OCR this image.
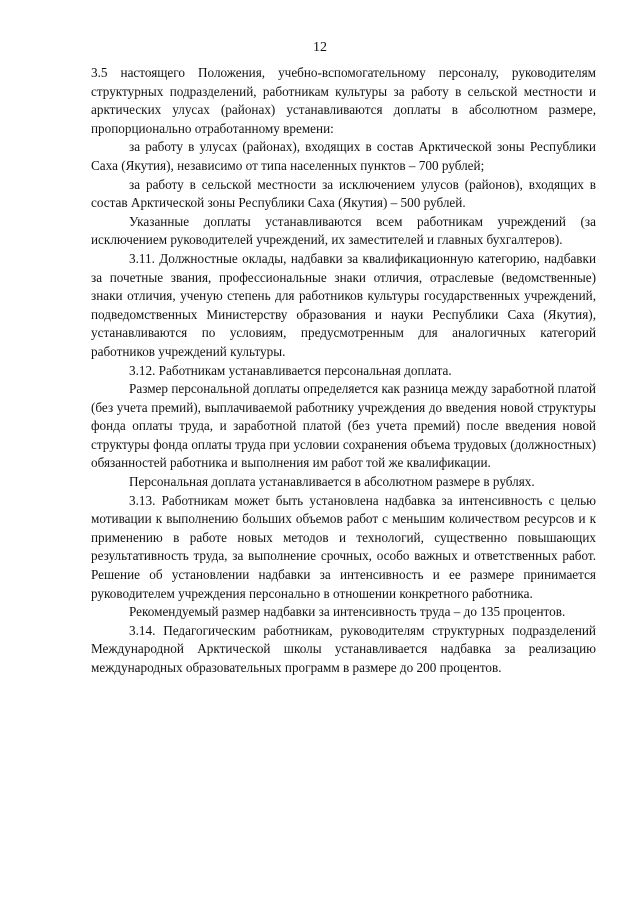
12

3.5 настоящего Положения, учебно-вспомогательному персоналу, руководителям структурных подразделений, работникам культуры за работу в сельской местности и арктических улусах (районах) устанавливаются доплаты в абсолютном размере, пропорционально отработанному времени:

за работу в улусах (районах), входящих в состав Арктической зоны Республики Саха (Якутия), независимо от типа населенных пунктов – 700 рублей;

за работу в сельской местности за исключением улусов (районов), входящих в состав Арктической зоны Республики Саха (Якутия) – 500 рублей.

Указанные доплаты устанавливаются всем работникам учреждений (за исключением руководителей учреждений, их заместителей и главных бухгалтеров).

3.11. Должностные оклады, надбавки за квалификационную категорию, надбавки за почетные звания, профессиональные знаки отличия, отраслевые (ведомственные) знаки отличия, ученую степень для работников культуры государственных учреждений, подведомственных Министерству образования и науки Республики Саха (Якутия), устанавливаются по условиям, предусмотренным для аналогичных категорий работников учреждений культуры.

3.12. Работникам устанавливается персональная доплата.

Размер персональной доплаты определяется как разница между заработной платой (без учета премий), выплачиваемой работнику учреждения до введения новой структуры фонда оплаты труда, и заработной платой (без учета премий) после введения новой структуры фонда оплаты труда при условии сохранения объема трудовых (должностных) обязанностей работника и выполнения им работ той же квалификации.

Персональная доплата устанавливается в абсолютном размере в рублях.

3.13. Работникам может быть установлена надбавка за интенсивность с целью мотивации к выполнению больших объемов работ с меньшим количеством ресурсов и к применению в работе новых методов и технологий, существенно повышающих результативность труда, за выполнение срочных, особо важных и ответственных работ. Решение об установлении надбавки за интенсивность и ее размере принимается руководителем учреждения персонально в отношении конкретного работника.

Рекомендуемый размер надбавки за интенсивность труда – до 135 процентов.

3.14. Педагогическим работникам, руководителям структурных подразделений Международной Арктической школы устанавливается надбавка за реализацию международных образовательных программ в размере до 200 процентов.
